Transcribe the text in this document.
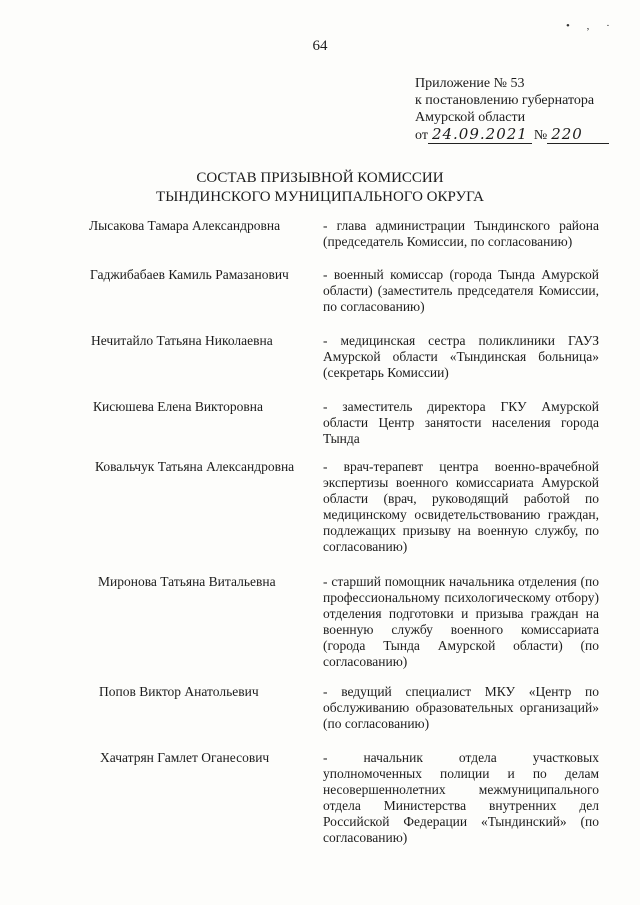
64
• , ·
Приложение № 53
к постановлению губернатора
Амурской области
от 24.09.2021 № 220
СОСТАВ ПРИЗЫВНОЙ КОМИССИИ
ТЫНДИНСКОГО МУНИЦИПАЛЬНОГО ОКРУГА
Лысакова Тамара Александровна	- глава администрации Тындинского района (председатель Комиссии, по согласованию)
Гаджибабаев Камиль Рамазанович	- военный комиссар (города Тында Амурской области) (заместитель председателя Комиссии, по согласованию)
Нечитайло Татьяна Николаевна	- медицинская сестра поликлиники ГАУЗ Амурской области «Тындинская больница» (секретарь Комиссии)
Кисюшева Елена Викторовна	- заместитель директора ГКУ Амурской области Центр занятости населения города Тында
Ковальчук Татьяна Александровна	- врач-терапевт центра военно-врачебной экспертизы военного комиссариата Амурской области (врач, руководящий работой по медицинскому освидетельствованию граждан, подлежащих призыву на военную службу, по согласованию)
Миронова Татьяна Витальевна	- старший помощник начальника отделения (по профессиональному психологическому отбору) отделения подготовки и призыва граждан на военную службу военного комиссариата (города Тында Амурской области) (по согласованию)
Попов Виктор Анатольевич	- ведущий специалист МКУ «Центр по обслуживанию образовательных организаций» (по согласованию)
Хачатрян Гамлет Оганесович	- начальник отдела участковых уполномоченных полиции и по делам несовершеннолетних межмуниципального отдела Министерства внутренних дел Российской Федерации «Тындинский» (по согласованию)
